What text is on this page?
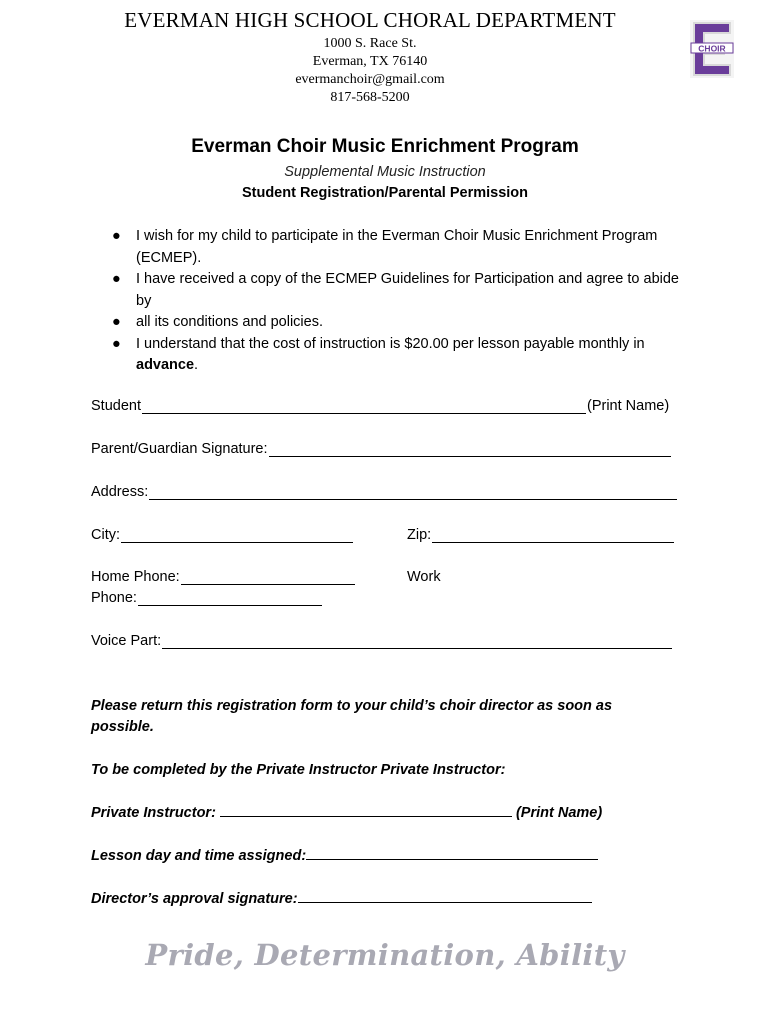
EVERMAN HIGH SCHOOL CHORAL DEPARTMENT
1000 S. Race St.
Everman, TX 76140
evermanchoir@gmail.com
817-568-5200
CHOIR
Everman Choir Music Enrichment Program
Supplemental Music Instruction
Student Registration/Parental Permission
● I wish for my child to participate in the Everman Choir Music Enrichment Program (ECMEP).
● I have received a copy of the ECMEP Guidelines for Participation and agree to abide by
● all its conditions and policies.
● I understand that the cost of instruction is $20.00 per lesson payable monthly in advance.
Student	(Print Name)
Parent/Guardian Signature:
Address:
City:	Zip:
Home Phone:	Work
Phone:
Voice Part:
Please return this registration form to your child’s choir director as soon as possible.
To be completed by the Private Instructor Private Instructor:
Private Instructor:	(Print Name)
Lesson day and time assigned:
Director’s approval signature:
Pride, Determination, Ability
